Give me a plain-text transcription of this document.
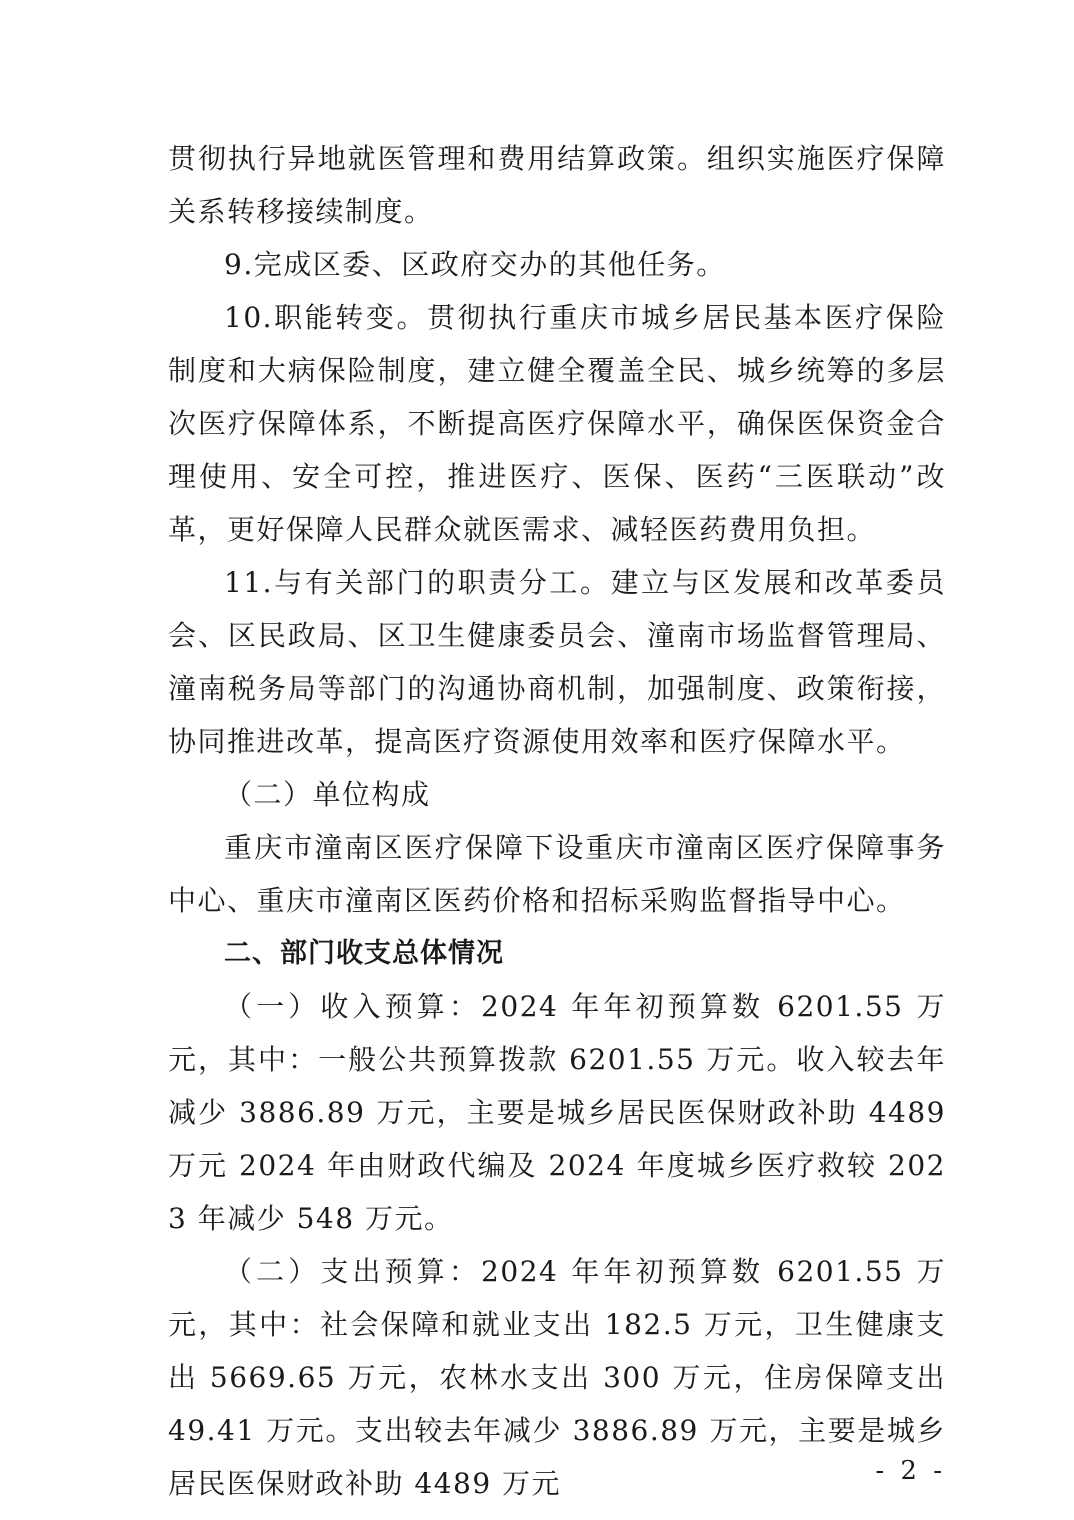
贯彻执行异地就医管理和费用结算政策。组织实施医疗保障关系转移接续制度。

9.完成区委、区政府交办的其他任务。

10.职能转变。贯彻执行重庆市城乡居民基本医疗保险制度和大病保险制度，建立健全覆盖全民、城乡统筹的多层次医疗保障体系，不断提高医疗保障水平，确保医保资金合理使用、安全可控，推进医疗、医保、医药“三医联动”改革，更好保障人民群众就医需求、减轻医药费用负担。

11.与有关部门的职责分工。建立与区发展和改革委员会、区民政局、区卫生健康委员会、潼南市场监督管理局、潼南税务局等部门的沟通协商机制，加强制度、政策衔接，协同推进改革，提高医疗资源使用效率和医疗保障水平。

（二）单位构成

重庆市潼南区医疗保障下设重庆市潼南区医疗保障事务中心、重庆市潼南区医药价格和招标采购监督指导中心。

二、部门收支总体情况

（一）收入预算：2024 年年初预算数 6201.55 万元，其中：一般公共预算拨款 6201.55 万元。收入较去年减少 3886.89 万元，主要是城乡居民医保财政补助 4489 万元 2024 年由财政代编及 2024 年度城乡医疗救较 2023 年减少 548 万元。

（二）支出预算：2024 年年初预算数 6201.55 万元，其中：社会保障和就业支出 182.5 万元，卫生健康支出 5669.65 万元，农林水支出 300 万元，住房保障支出 49.41 万元。支出较去年减少 3886.89 万元，主要是城乡居民医保财政补助 4489 万元	- 2 -
